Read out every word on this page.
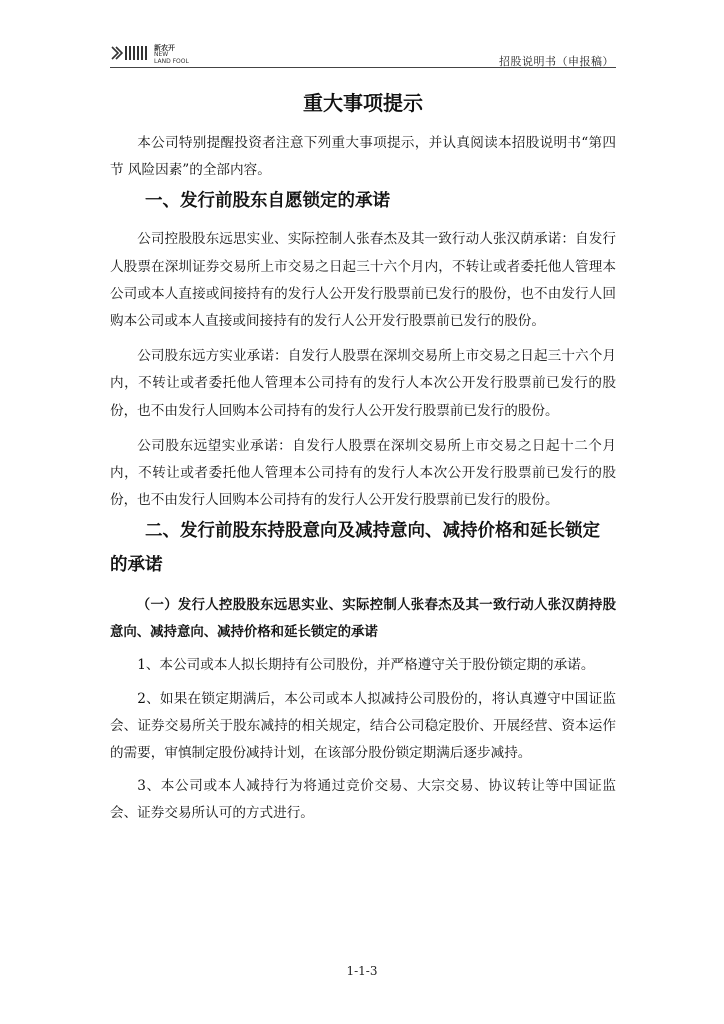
新农开
NEW
LAND FOOL	招股说明书（申报稿）
重大事项提示

本公司特别提醒投资者注意下列重大事项提示，并认真阅读本招股说明书“第四节 风险因素”的全部内容。

一、发行前股东自愿锁定的承诺

公司控股股东远思实业、实际控制人张春杰及其一致行动人张汉荫承诺：自发行人股票在深圳证券交易所上市交易之日起三十六个月内，不转让或者委托他人管理本公司或本人直接或间接持有的发行人公开发行股票前已发行的股份，也不由发行人回购本公司或本人直接或间接持有的发行人公开发行股票前已发行的股份。

公司股东远方实业承诺：自发行人股票在深圳交易所上市交易之日起三十六个月内，不转让或者委托他人管理本公司持有的发行人本次公开发行股票前已发行的股份，也不由发行人回购本公司持有的发行人公开发行股票前已发行的股份。

公司股东远望实业承诺：自发行人股票在深圳交易所上市交易之日起十二个月内，不转让或者委托他人管理本公司持有的发行人本次公开发行股票前已发行的股份，也不由发行人回购本公司持有的发行人公开发行股票前已发行的股份。

二、发行前股东持股意向及减持意向、减持价格和延长锁定的承诺
（一）发行人控股股东远思实业、实际控制人张春杰及其一致行动人张汉荫持股意向、减持意向、减持价格和延长锁定的承诺

1、本公司或本人拟长期持有公司股份，并严格遵守关于股份锁定期的承诺。

2、如果在锁定期满后，本公司或本人拟减持公司股份的，将认真遵守中国证监会、证券交易所关于股东减持的相关规定，结合公司稳定股价、开展经营、资本运作的需要，审慎制定股份减持计划，在该部分股份锁定期满后逐步减持。

3、本公司或本人减持行为将通过竞价交易、大宗交易、协议转让等中国证监会、证券交易所认可的方式进行。

1-1-3
